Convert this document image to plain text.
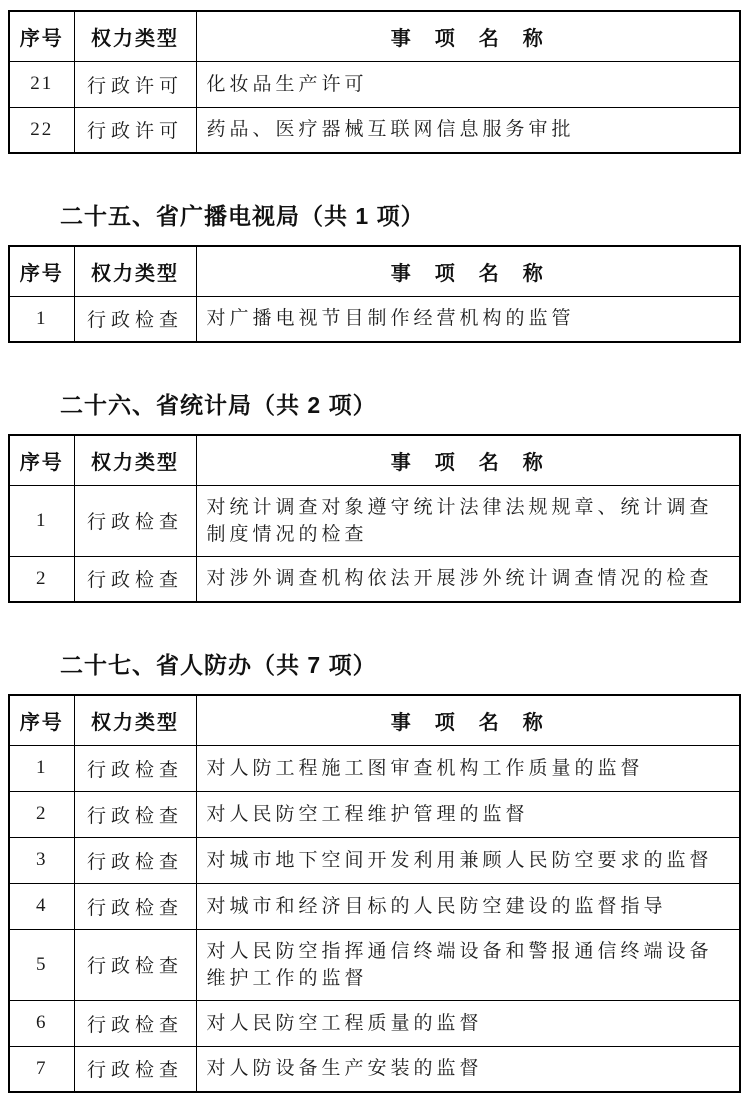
序号	权力类型	事　项　名　称
21	行政许可	化妆品生产许可
22	行政许可	药品、医疗器械互联网信息服务审批
二十五、省广播电视局（共 1 项）
序号	权力类型	事　项　名　称
1	行政检查	对广播电视节目制作经营机构的监管
二十六、省统计局（共 2 项）
序号	权力类型	事　项　名　称
1	行政检查	对统计调查对象遵守统计法律法规规章、统计调查制度情况的检查
2	行政检查	对涉外调查机构依法开展涉外统计调查情况的检查
二十七、省人防办（共 7 项）
序号	权力类型	事　项　名　称
1	行政检查	对人防工程施工图审查机构工作质量的监督
2	行政检查	对人民防空工程维护管理的监督
3	行政检查	对城市地下空间开发利用兼顾人民防空要求的监督
4	行政检查	对城市和经济目标的人民防空建设的监督指导
5	行政检查	对人民防空指挥通信终端设备和警报通信终端设备维护工作的监督
6	行政检查	对人民防空工程质量的监督
7	行政检查	对人防设备生产安装的监督
